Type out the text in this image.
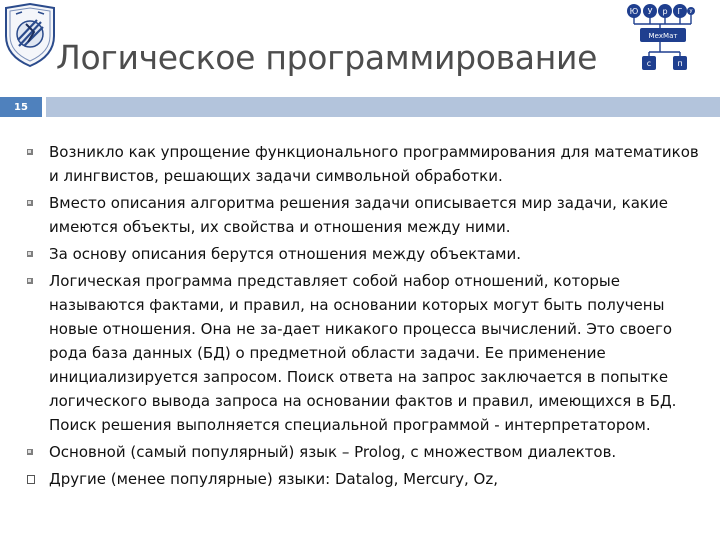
Логическое программирование
Ю У р Г У
МехМат
с	п
15
Возникло как упрощение функционального программирования для математиков и лингвистов, решающих задачи символьной обработки.
Вместо описания алгоритма решения задачи описывается мир задачи, какие имеются объекты, их свойства и отношения между ними.
За основу описания берутся отношения между объектами.
Логическая программа представляет собой набор отношений, которые называются фактами, и правил, на основании которых могут быть получены новые отношения. Она не за-дает никакого процесса вычислений. Это своего рода база данных (БД) о предметной области задачи. Ее применение инициализируется запросом. Поиск ответа на запрос заключается в попытке логического вывода запроса на основании фактов и правил, имеющихся в БД. Поиск решения выполняется специальной программой - интерпретатором.
Основной (самый популярный) язык – Prolog, с множеством диалектов.
Другие (менее популярные) языки: Datalog, Mercury, Oz,
